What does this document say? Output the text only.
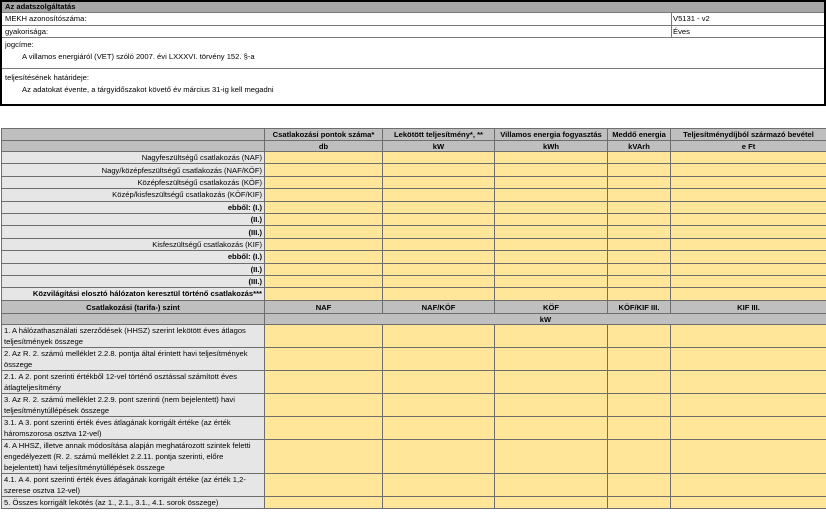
Az adatszolgáltatás
MEKH azonosítószáma:	V5131 - v2
gyakorisága:	Éves
jogcíme:
A villamos energiáról (VET) szóló 2007. évi LXXXVI. törvény 152. §-a
teljesítésének határideje:
Az adatokat évente, a tárgyidőszakot követő év március 31-ig kell megadni
	Csatlakozási pontok száma*	Lekötött teljesítmény*, **	Villamos energia fogyasztás	Meddő energia	Teljesítménydíjból származó bevétel
	db	kW	kWh	kVArh	e Ft
Nagyfeszültségű csatlakozás (NAF)					
Nagy/középfeszültségű csatlakozás (NAF/KÖF)					
Középfeszültségű csatlakozás (KÖF)					
Közép/kisfeszültségű csatlakozás (KÖF/KIF)					
ebből: (I.)					
(II.)					
(III.)					
Kisfeszültségű csatlakozás (KIF)					
ebből: (I.)					
(II.)					
(III.)					
Közvilágítási elosztó hálózaton keresztül történő csatlakozás***					
Csatlakozási (tarifa-) szint	NAF	NAF/KÖF	KÖF	KÖF/KIF III.	KIF III.
	kW				
1. A hálózathasználati szerződések (HHSZ) szerint lekötött éves átlagos teljesítmények összege					
2. Az R. 2. számú melléklet 2.2.8. pontja által érintett havi teljesítmények összege					
2.1. A 2. pont szerinti értékből 12-vel történő osztással számított éves átlagteljesítmény					
3. Az R. 2. számú melléklet 2.2.9. pont szerinti (nem bejelentett) havi teljesítménytúllépések összege					
3.1. A 3. pont szerinti érték éves átlagának korrigált értéke (az érték háromszorosa osztva 12-vel)					
4. A HHSZ, illetve annak módosítása alapján meghatározott szintek feletti engedélyezett (R. 2. számú melléklet 2.2.11. pontja szerinti, előre bejelentett) havi teljesítménytúllépések összege					
4.1. A 4. pont szerinti érték éves átlagának korrigált értéke (az érték 1,2-szerese osztva 12-vel)					
5. Összes korrigált lekötés (az 1., 2.1., 3.1., 4.1. sorok összege)					
